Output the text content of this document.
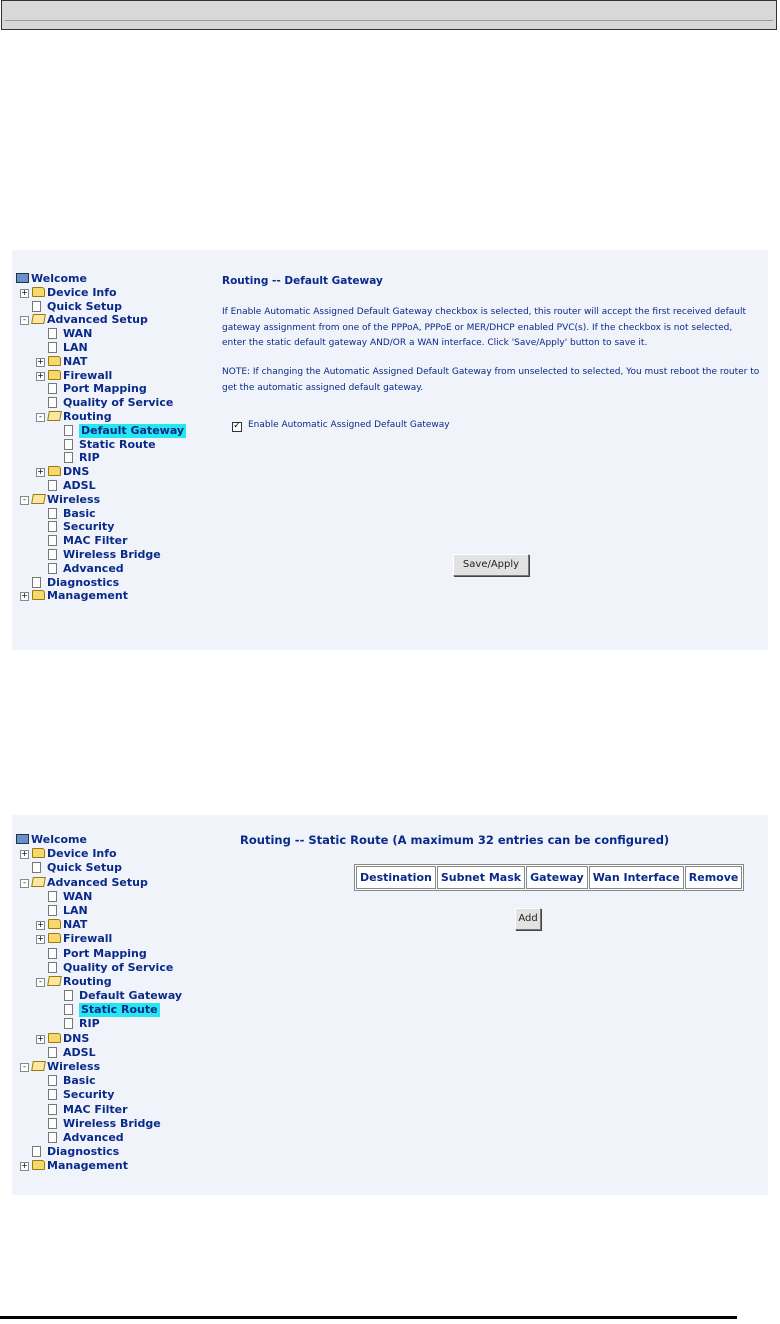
Welcome
+ Device Info
Quick Setup
- Advanced Setup
WAN
LAN
+ NAT
+ Firewall
Port Mapping
Quality of Service
- Routing
Default Gateway
Static Route
RIP
+ DNS
ADSL
- Wireless
Basic
Security
MAC Filter
Wireless Bridge
Advanced
Diagnostics
+ Management
Routing -- Default Gateway
If Enable Automatic Assigned Default Gateway checkbox is selected, this router will accept the first received default
gateway assignment from one of the PPPoA, PPPoE or MER/DHCP enabled PVC(s). If the checkbox is not selected,
enter the static default gateway AND/OR a WAN interface. Click 'Save/Apply' button to save it.
NOTE: If changing the Automatic Assigned Default Gateway from unselected to selected, You must reboot the router to
get the automatic assigned default gateway.
✓ Enable Automatic Assigned Default Gateway
Save/Apply
Welcome
+ Device Info
Quick Setup
- Advanced Setup
WAN
LAN
+ NAT
+ Firewall
Port Mapping
Quality of Service
- Routing
Default Gateway
Static Route
RIP
+ DNS
ADSL
- Wireless
Basic
Security
MAC Filter
Wireless Bridge
Advanced
Diagnostics
+ Management
Routing -- Static Route (A maximum 32 entries can be configured)
Destination	Subnet Mask	Gateway	Wan Interface	Remove
Add
